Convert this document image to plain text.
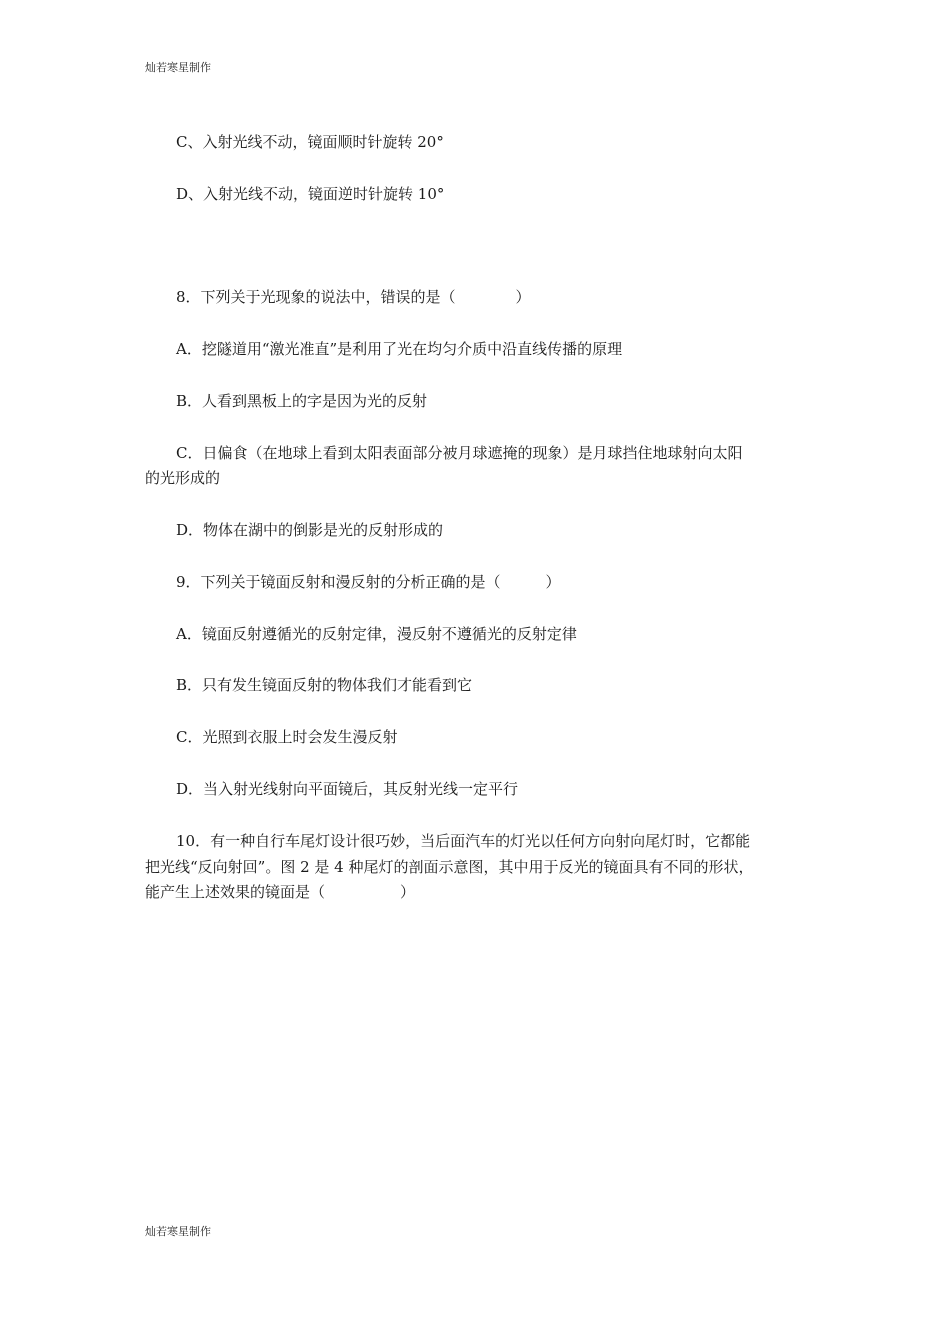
灿若寒星制作
C、入射光线不动，镜面顺时针旋转 20°
D、入射光线不动，镜面逆时针旋转 10°
8．下列关于光现象的说法中，错误的是（　　　　）
A．挖隧道用“激光准直”是利用了光在均匀介质中沿直线传播的原理
B．人看到黑板上的字是因为光的反射
C．日偏食（在地球上看到太阳表面部分被月球遮掩的现象）是月球挡住地球射向太阳
的光形成的
D．物体在湖中的倒影是光的反射形成的
9．下列关于镜面反射和漫反射的分析正确的是（　　　）
A．镜面反射遵循光的反射定律，漫反射不遵循光的反射定律
B．只有发生镜面反射的物体我们才能看到它
C．光照到衣服上时会发生漫反射
D．当入射光线射向平面镜后，其反射光线一定平行
10．有一种自行车尾灯设计很巧妙，当后面汽车的灯光以任何方向射向尾灯时，它都能
把光线“反向射回”。图 2 是 4 种尾灯的剖面示意图，其中用于反光的镜面具有不同的形状，
能产生上述效果的镜面是（　　　　　）
灿若寒星制作
